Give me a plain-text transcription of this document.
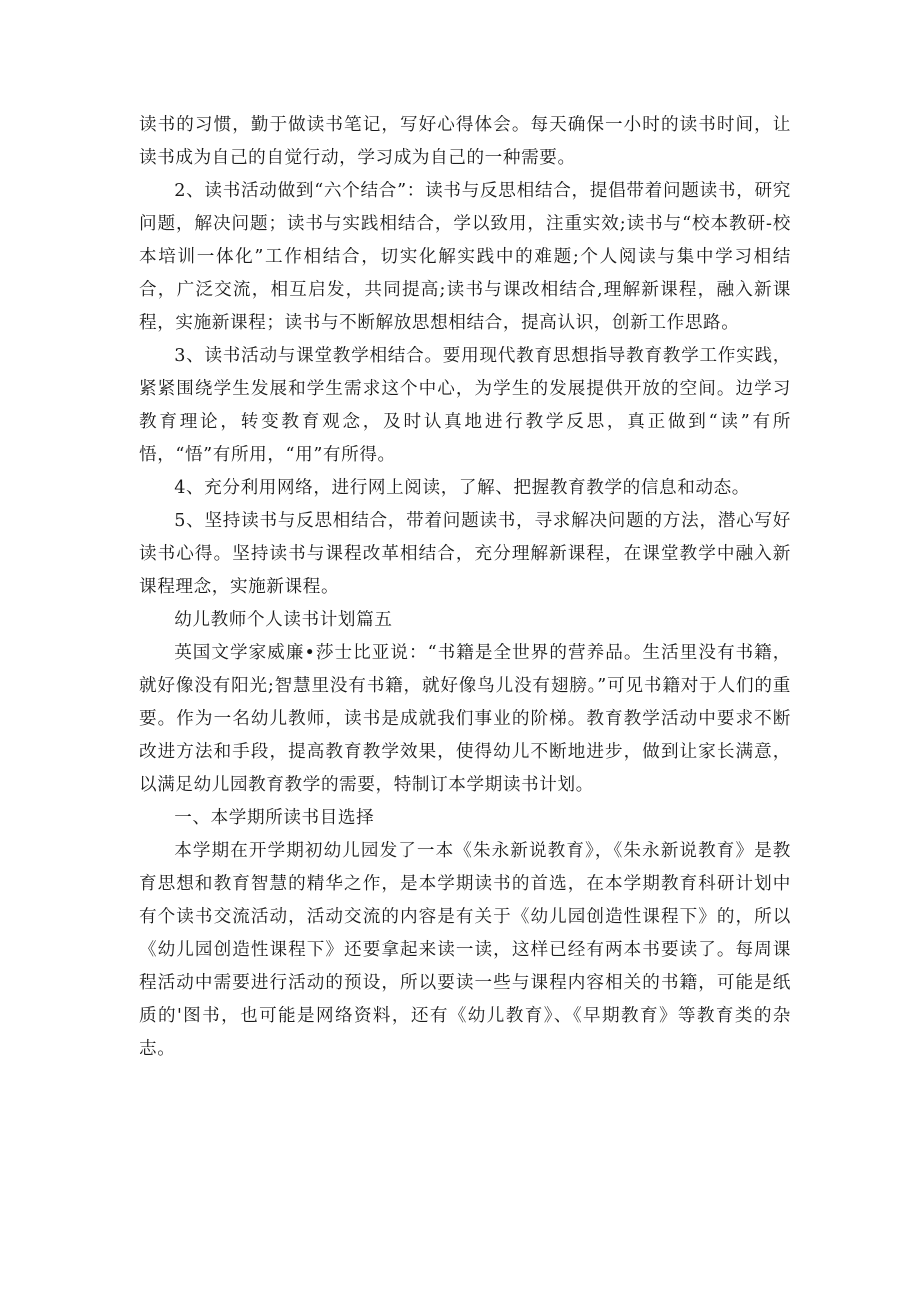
读书的习惯，勤于做读书笔记，写好心得体会。每天确保一小时的读书时间，让读书成为自己的自觉行动，学习成为自己的一种需要。

2、读书活动做到“六个结合”：读书与反思相结合，提倡带着问题读书，研究问题，解决问题；读书与实践相结合，学以致用，注重实效;读书与“校本教研-校本培训一体化”工作相结合，切实化解实践中的难题;个人阅读与集中学习相结合，广泛交流，相互启发，共同提高;读书与课改相结合,理解新课程，融入新课程，实施新课程；读书与不断解放思想相结合，提高认识，创新工作思路。

3、读书活动与课堂教学相结合。要用现代教育思想指导教育教学工作实践，紧紧围绕学生发展和学生需求这个中心，为学生的发展提供开放的空间。边学习教育理论，转变教育观念，及时认真地进行教学反思，真正做到“读”有所悟，“悟”有所用，“用”有所得。

4、充分利用网络，进行网上阅读，了解、把握教育教学的信息和动态。

5、坚持读书与反思相结合，带着问题读书，寻求解决问题的方法，潜心写好读书心得。坚持读书与课程改革相结合，充分理解新课程，在课堂教学中融入新课程理念，实施新课程。

幼儿教师个人读书计划篇五

英国文学家威廉•莎士比亚说：“书籍是全世界的营养品。生活里没有书籍，就好像没有阳光;智慧里没有书籍，就好像鸟儿没有翅膀。”可见书籍对于人们的重要。作为一名幼儿教师，读书是成就我们事业的阶梯。教育教学活动中要求不断改进方法和手段，提高教育教学效果，使得幼儿不断地进步，做到让家长满意，以满足幼儿园教育教学的需要，特制订本学期读书计划。

一、本学期所读书目选择

本学期在开学期初幼儿园发了一本《朱永新说教育》，《朱永新说教育》是教育思想和教育智慧的精华之作，是本学期读书的首选，在本学期教育科研计划中有个读书交流活动，活动交流的内容是有关于《幼儿园创造性课程下》的，所以《幼儿园创造性课程下》还要拿起来读一读，这样已经有两本书要读了。每周课程活动中需要进行活动的预设，所以要读一些与课程内容相关的书籍，可能是纸质的'图书，也可能是网络资料，还有《幼儿教育》、《早期教育》等教育类的杂志。
